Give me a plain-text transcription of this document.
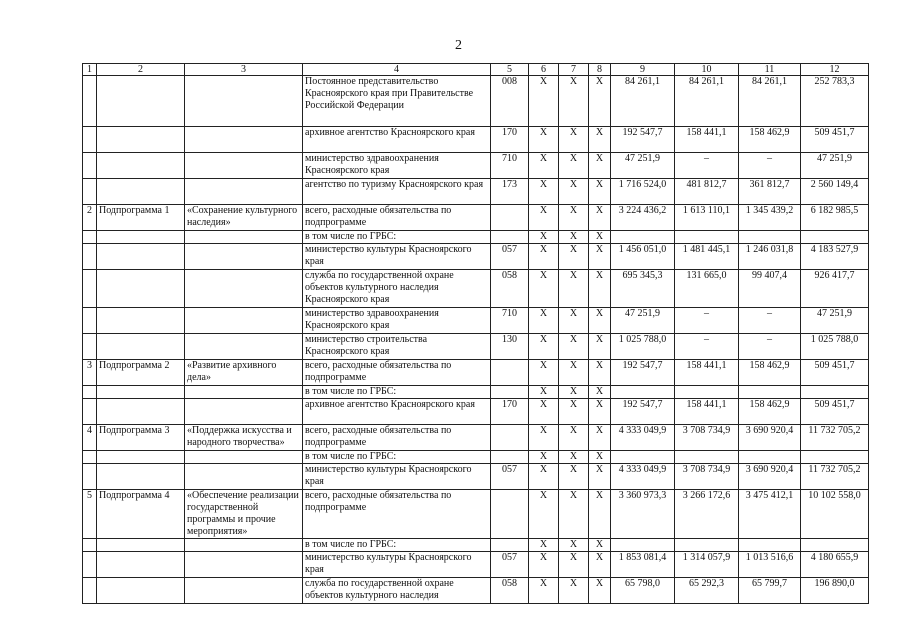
2
1	2	3	4	5	6	7	8	9	10	11	12
			Постоянное представительство Красноярского края при Правительстве Российской Федерации	008	Х	Х	Х	84 261,1	84 261,1	84 261,1	252 783,3
			архивное агентство Красноярского края	170	Х	Х	Х	192 547,7	158 441,1	158 462,9	509 451,7
			министерство здравоохранения Красноярского края	710	Х	Х	Х	47 251,9	–	–	47 251,9
			агентство по туризму Красноярского края	173	Х	Х	Х	1 716 524,0	481 812,7	361 812,7	2 560 149,4
2	Подпрограмма 1	«Сохранение культурного наследия»	всего, расходные обязательства по подпрограмме		Х	Х	Х	3 224 436,2	1 613 110,1	1 345 439,2	6 182 985,5
			в том числе по ГРБС:		Х	Х	Х				
			министерство культуры Красноярского края	057	Х	Х	Х	1 456 051,0	1 481 445,1	1 246 031,8	4 183 527,9
			служба по государственной охране объектов культурного наследия Красноярского края	058	Х	Х	Х	695 345,3	131 665,0	99 407,4	926 417,7
			министерство здравоохранения Красноярского края	710	Х	Х	Х	47 251,9	–	–	47 251,9
			министерство строительства Красноярского края	130	Х	Х	Х	1 025 788,0	–	–	1 025 788,0
3	Подпрограмма 2	«Развитие архивного дела»	всего, расходные обязательства по подпрограмме		Х	Х	Х	192 547,7	158 441,1	158 462,9	509 451,7
			в том числе по ГРБС:		Х	Х	Х				
			архивное агентство Красноярского края	170	Х	Х	Х	192 547,7	158 441,1	158 462,9	509 451,7
4	Подпрограмма 3	«Поддержка искусства и народного творчества»	всего, расходные обязательства по подпрограмме		Х	Х	Х	4 333 049,9	3 708 734,9	3 690 920,4	11 732 705,2
			в том числе по ГРБС:		Х	Х	Х				
			министерство культуры Красноярского края	057	Х	Х	Х	4 333 049,9	3 708 734,9	3 690 920,4	11 732 705,2
5	Подпрограмма 4	«Обеспечение реализации государственной программы и прочие мероприятия»	всего, расходные обязательства по подпрограмме		Х	Х	Х	3 360 973,3	3 266 172,6	3 475 412,1	10 102 558,0
			в том числе по ГРБС:		Х	Х	Х				
			министерство культуры Красноярского края	057	Х	Х	Х	1 853 081,4	1 314 057,9	1 013 516,6	4 180 655,9
			служба по государственной охране объектов культурного наследия	058	Х	Х	Х	65 798,0	65 292,3	65 799,7	196 890,0
